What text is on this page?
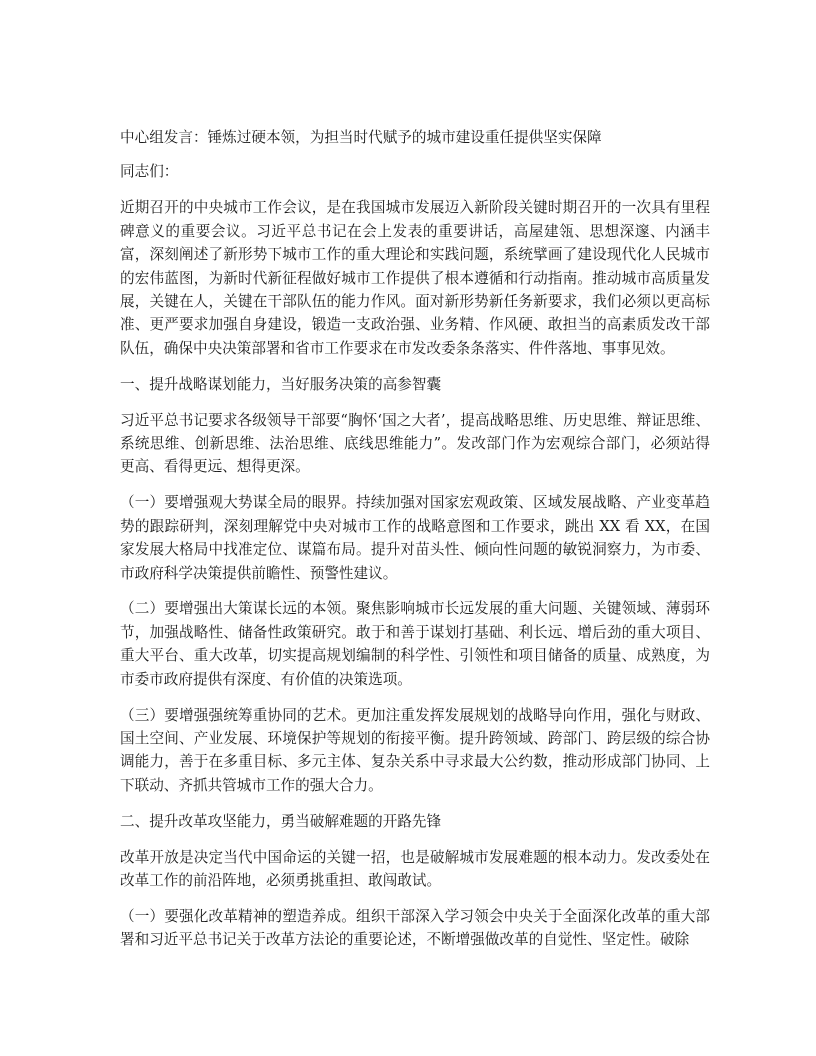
中心组发言：锤炼过硬本领，为担当时代赋予的城市建设重任提供坚实保障

同志们：

近期召开的中央城市工作会议，是在我国城市发展迈入新阶段关键时期召开的一次具有里程碑意义的重要会议。习近平总书记在会上发表的重要讲话，高屋建瓴、思想深邃、内涵丰富，深刻阐述了新形势下城市工作的重大理论和实践问题，系统擘画了建设现代化人民城市的宏伟蓝图，为新时代新征程做好城市工作提供了根本遵循和行动指南。推动城市高质量发展，关键在人，关键在干部队伍的能力作风。面对新形势新任务新要求，我们必须以更高标准、更严要求加强自身建设，锻造一支政治强、业务精、作风硬、敢担当的高素质发改干部队伍，确保中央决策部署和省市工作要求在市发改委条条落实、件件落地、事事见效。

一、提升战略谋划能力，当好服务决策的高参智囊

习近平总书记要求各级领导干部要“胸怀‘国之大者’，提高战略思维、历史思维、辩证思维、系统思维、创新思维、法治思维、底线思维能力”。发改部门作为宏观综合部门，必须站得更高、看得更远、想得更深。

（一）要增强观大势谋全局的眼界。持续加强对国家宏观政策、区域发展战略、产业变革趋势的跟踪研判，深刻理解党中央对城市工作的战略意图和工作要求，跳出 XX 看 XX，在国家发展大格局中找准定位、谋篇布局。提升对苗头性、倾向性问题的敏锐洞察力，为市委、市政府科学决策提供前瞻性、预警性建议。

（二）要增强出大策谋长远的本领。聚焦影响城市长远发展的重大问题、关键领域、薄弱环节，加强战略性、储备性政策研究。敢于和善于谋划打基础、利长远、增后劲的重大项目、重大平台、重大改革，切实提高规划编制的科学性、引领性和项目储备的质量、成熟度，为市委市政府提供有深度、有价值的决策选项。

（三）要增强强统筹重协同的艺术。更加注重发挥发展规划的战略导向作用，强化与财政、国土空间、产业发展、环境保护等规划的衔接平衡。提升跨领域、跨部门、跨层级的综合协调能力，善于在多重目标、多元主体、复杂关系中寻求最大公约数，推动形成部门协同、上下联动、齐抓共管城市工作的强大合力。

二、提升改革攻坚能力，勇当破解难题的开路先锋

改革开放是决定当代中国命运的关键一招，也是破解城市发展难题的根本动力。发改委处在改革工作的前沿阵地，必须勇挑重担、敢闯敢试。

（一）要强化改革精神的塑造养成。组织干部深入学习领会中央关于全面深化改革的重大部署和习近平总书记关于改革方法论的重要论述，不断增强做改革的自觉性、坚定性。破除
